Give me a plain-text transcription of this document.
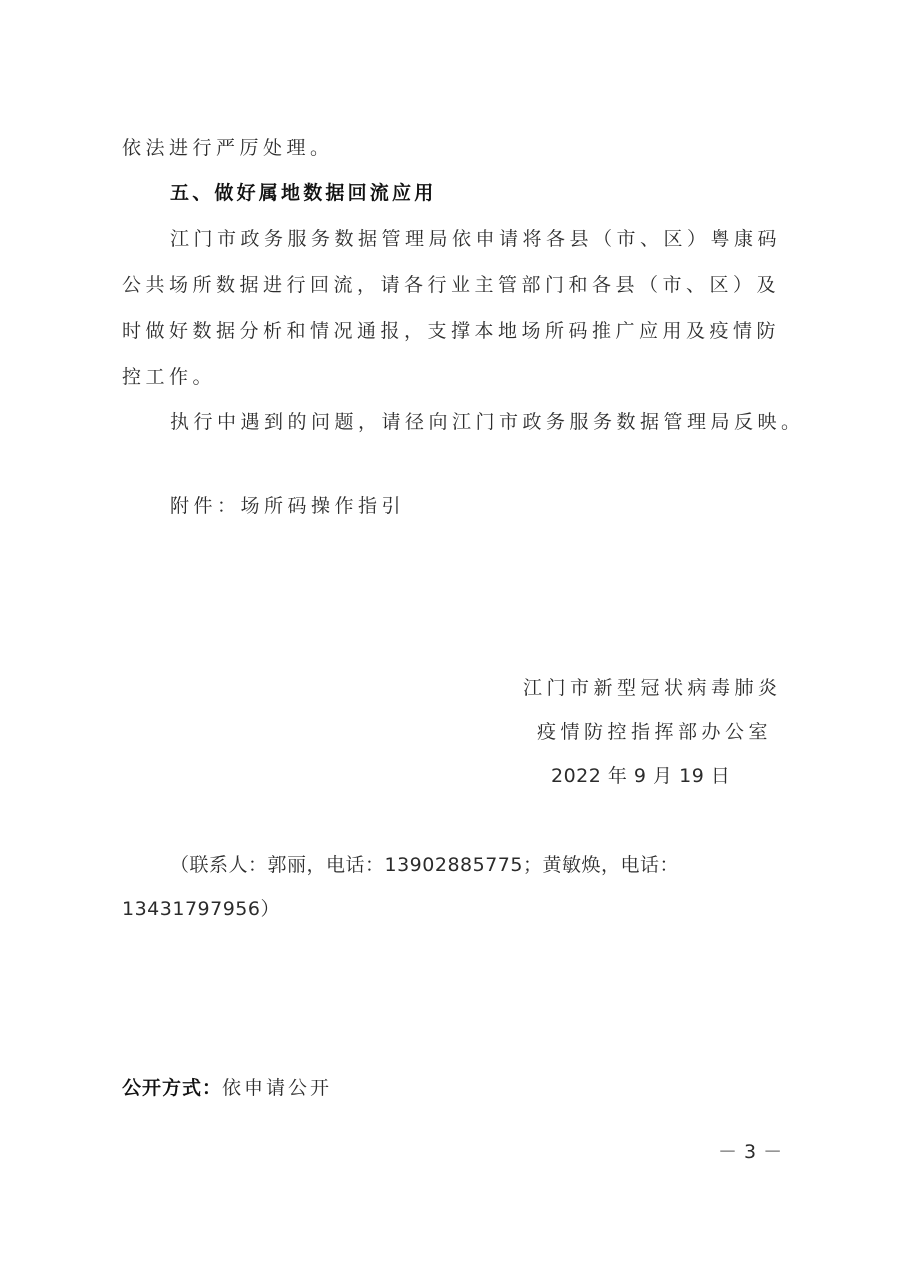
依法进行严厉处理。
五、做好属地数据回流应用
江门市政务服务数据管理局依申请将各县（市、区）粤康码
公共场所数据进行回流，请各行业主管部门和各县（市、区）及
时做好数据分析和情况通报，支撑本地场所码推广应用及疫情防
控工作。
执行中遇到的问题，请径向江门市政务服务数据管理局反映。
附件：场所码操作指引
江门市新型冠状病毒肺炎
疫情防控指挥部办公室
2022 年 9 月 19 日
（联系人：郭丽，电话：13902885775；黄敏焕，电话：
13431797956）
公开方式：依申请公开
－ 3 －
